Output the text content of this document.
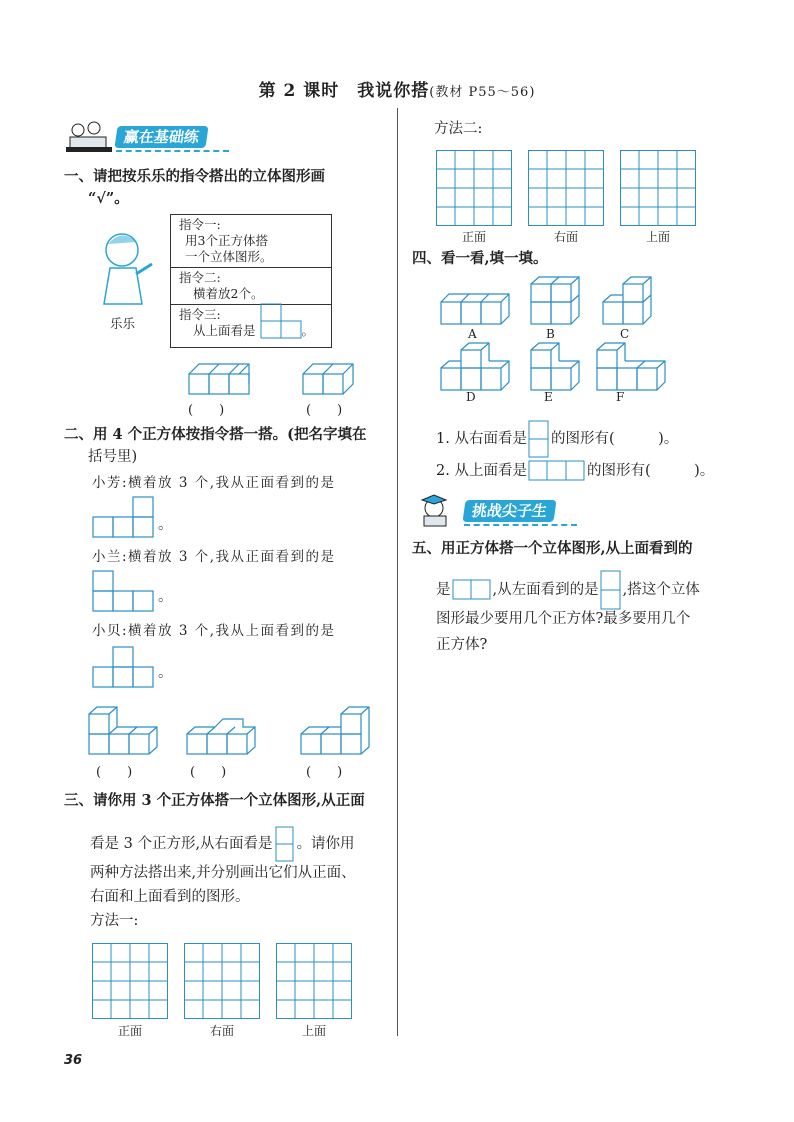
第 2 课时　我说你搭(教材 P55～56)
赢在基础练
一、请把按乐乐的指令搭出的立体图形画
“√”。
乐乐
指令一:
用3个正方体搭
一个立体图形。

指令二:
横着放2个。

指令三:
从上面看是	。
(　　)	(　　)
二、用 4 个正方体按指令搭一搭。(把名字填在
括号里)
小芳:横着放 3 个,我从正面看到的是
。
小兰:横着放 3 个,我从正面看到的是
。
小贝:横着放 3 个,我从上面看到的是
。
(　　)	(　　)	(　　)
三、请你用 3 个正方体搭一个立体图形,从正面
看是 3 个正方形,从右面看是 。请你用
两种方法搭出来,并分别画出它们从正面、
右面和上面看到的图形。
方法一:
正面	右面	上面
36
方法二:
正面	右面	上面
四、看一看,填一填。
A	B	C
D	E	F
1. 从右面看是 的图形有(　　　)。
2. 从上面看是	的图形有(　　　)。
挑战尖子生
五、用正方体搭一个立体图形,从上面看到的
是	,从左面看到的是 ,搭这个立体
图形最少要用几个正方体?最多要用几个
正方体?
